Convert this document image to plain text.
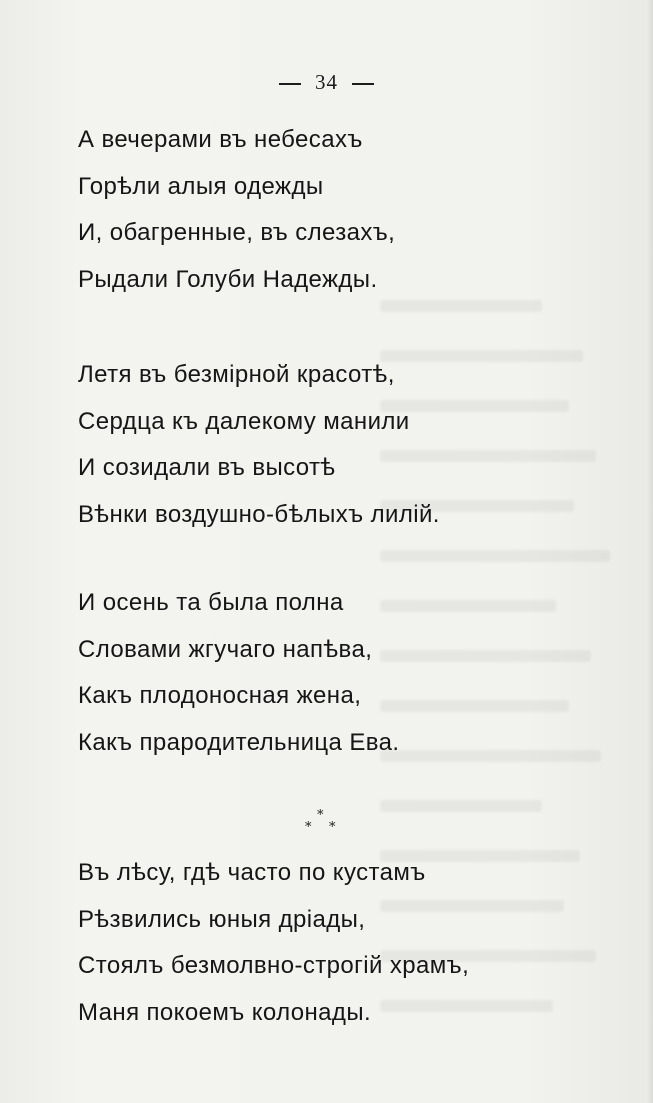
34
А вечерами въ небесахъ
Горѣли алыя одежды
И, обагренные, въ слезахъ,
Рыдали Голуби Надежды.
Летя въ безмірной красотѣ,
Сердца къ далекому манили
И созидали въ высотѣ
Вѣнки воздушно-бѣлыхъ лилій.
И осень та была полна
Словами жгучаго напѣва,
Какъ плодоносная жена,
Какъ прародительница Ева.
*
* *
Въ лѣсу, гдѣ часто по кустамъ
Рѣзвились юныя дріады,
Стоялъ безмолвно-строгій храмъ,
Маня покоемъ колонады.
